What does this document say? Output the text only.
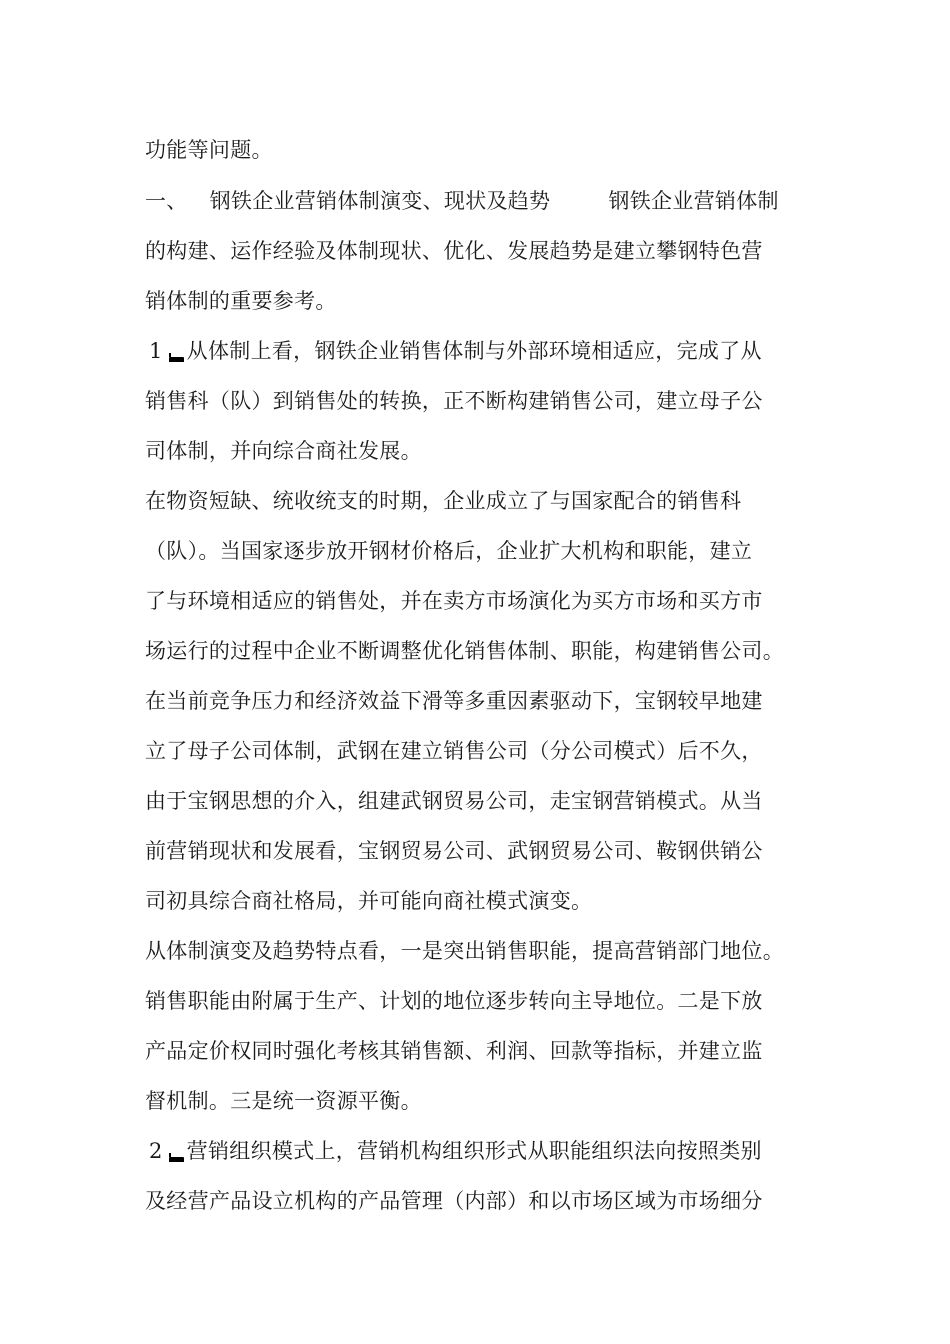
功能等问题。
一、 钢铁企业营销体制演变、现状及趋势	钢铁企业营销体制
的构建、运作经验及体制现状、优化、发展趋势是建立攀钢特色营
销体制的重要参考。
1 从体制上看，钢铁企业销售体制与外部环境相适应，完成了从
销售科（队）到销售处的转换，正不断构建销售公司，建立母子公
司体制，并向综合商社发展。
在物资短缺、统收统支的时期，企业成立了与国家配合的销售科
（队）。当国家逐步放开钢材价格后，企业扩大机构和职能，建立
了与环境相适应的销售处，并在卖方市场演化为买方市场和买方市
场运行的过程中企业不断调整优化销售体制、职能，构建销售公司。
在当前竞争压力和经济效益下滑等多重因素驱动下，宝钢较早地建
立了母子公司体制，武钢在建立销售公司（分公司模式）后不久，
由于宝钢思想的介入，组建武钢贸易公司，走宝钢营销模式。从当
前营销现状和发展看，宝钢贸易公司、武钢贸易公司、鞍钢供销公
司初具综合商社格局，并可能向商社模式演变。
从体制演变及趋势特点看，一是突出销售职能，提高营销部门地位。
销售职能由附属于生产、计划的地位逐步转向主导地位。二是下放
产品定价权同时强化考核其销售额、利润、回款等指标，并建立监
督机制。三是统一资源平衡。
2 营销组织模式上，营销机构组织形式从职能组织法向按照类别
及经营产品设立机构的产品管理（内部）和以市场区域为市场细分
